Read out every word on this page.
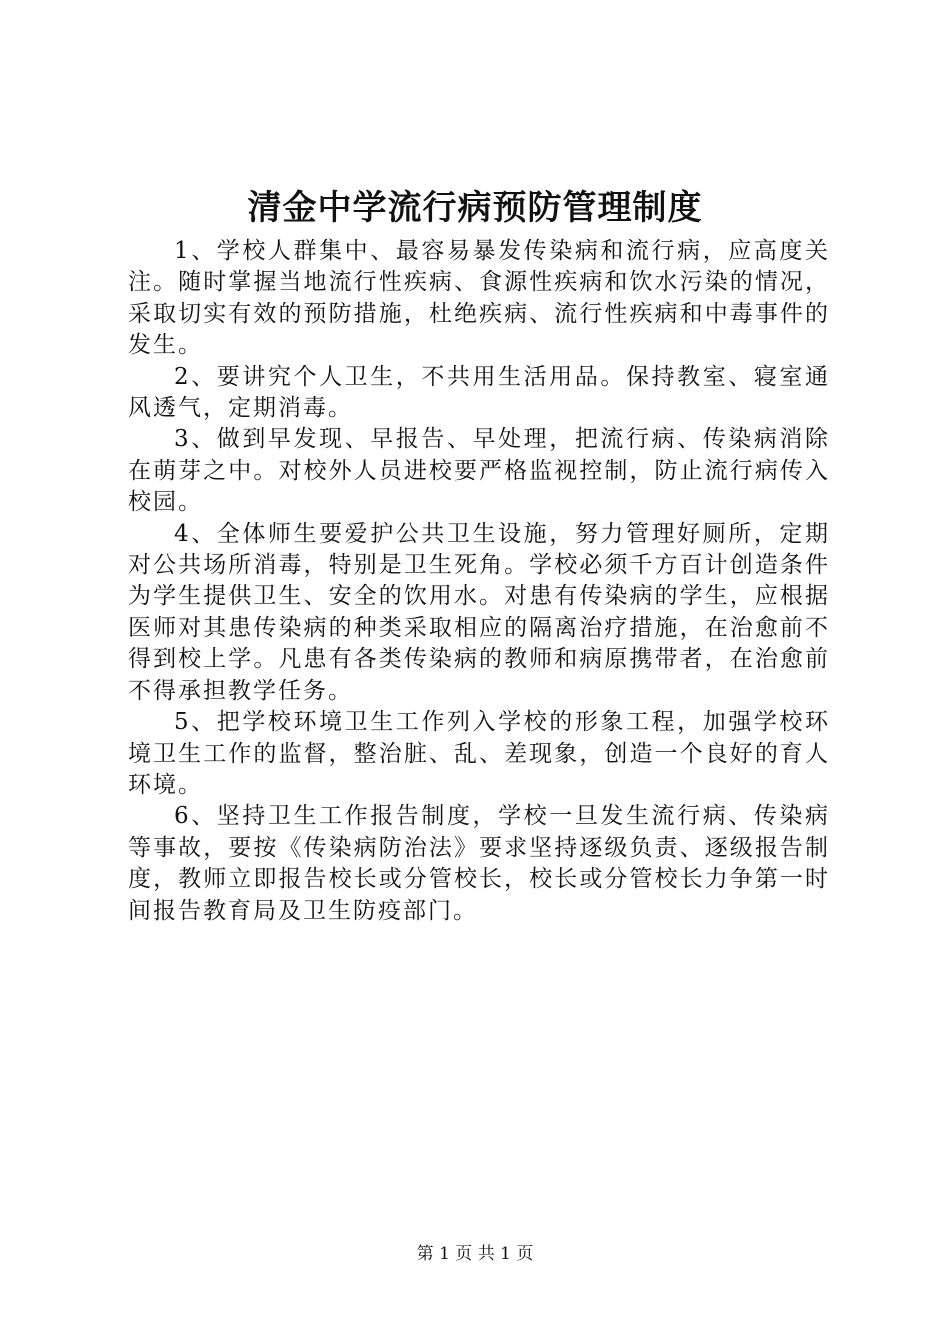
清金中学流行病预防管理制度

1、学校人群集中、最容易暴发传染病和流行病，应高度关注。随时掌握当地流行性疾病、食源性疾病和饮水污染的情况，采取切实有效的预防措施，杜绝疾病、流行性疾病和中毒事件的发生。

2、要讲究个人卫生，不共用生活用品。保持教室、寝室通风透气，定期消毒。

3、做到早发现、早报告、早处理，把流行病、传染病消除在萌芽之中。对校外人员进校要严格监视控制，防止流行病传入校园。

4、全体师生要爱护公共卫生设施，努力管理好厕所，定期对公共场所消毒，特别是卫生死角。学校必须千方百计创造条件为学生提供卫生、安全的饮用水。对患有传染病的学生，应根据医师对其患传染病的种类采取相应的隔离治疗措施，在治愈前不得到校上学。凡患有各类传染病的教师和病原携带者，在治愈前不得承担教学任务。

5、把学校环境卫生工作列入学校的形象工程，加强学校环境卫生工作的监督，整治脏、乱、差现象，创造一个良好的育人环境。

6、坚持卫生工作报告制度，学校一旦发生流行病、传染病等事故，要按《传染病防治法》要求坚持逐级负责、逐级报告制度，教师立即报告校长或分管校长，校长或分管校长力争第一时间报告教育局及卫生防疫部门。

第 1 页 共 1 页
